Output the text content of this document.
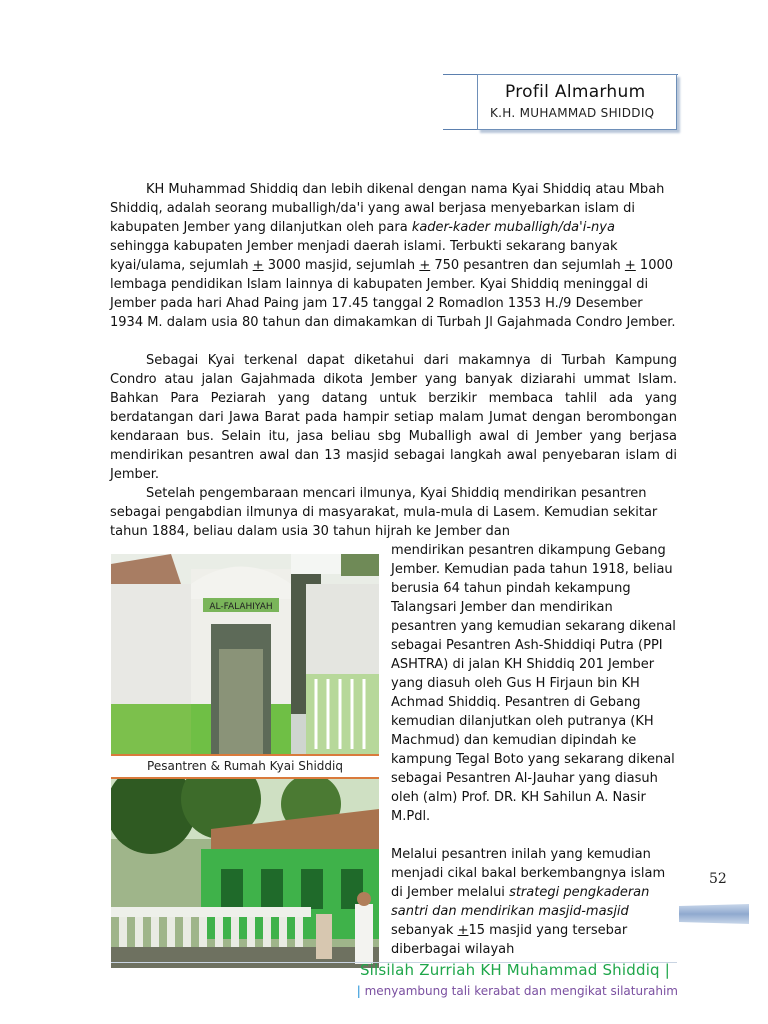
Profil Almarhum
K.H. MUHAMMAD SHIDDIQ

KH Muhammad Shiddiq dan lebih dikenal dengan nama Kyai Shiddiq atau Mbah Shiddiq, adalah seorang muballigh/da'i yang awal berjasa menyebarkan islam di kabupaten Jember yang dilanjutkan oleh para kader-kader muballigh/da'i-nya sehingga kabupaten Jember menjadi daerah islami. Terbukti sekarang banyak kyai/ulama, sejumlah + 3000 masjid, sejumlah + 750 pesantren dan sejumlah + 1000 lembaga pendidikan Islam lainnya di kabupaten Jember. Kyai Shiddiq meninggal di Jember pada hari Ahad Paing jam 17.45 tanggal 2 Romadlon 1353 H./9 Desember 1934 M. dalam usia 80 tahun dan dimakamkan di Turbah Jl Gajahmada Condro Jember.

Sebagai Kyai terkenal dapat diketahui dari makamnya di Turbah Kampung Condro atau jalan Gajahmada dikota Jember yang banyak diziarahi ummat Islam. Bahkan Para Peziarah yang datang untuk berzikir membaca tahlil ada yang berdatangan dari Jawa Barat pada hampir setiap malam Jumat dengan berombongan kendaraan bus. Selain itu, jasa beliau sbg Muballigh awal di Jember yang berjasa mendirikan pesantren awal dan 13 masjid sebagai langkah awal penyebaran islam di Jember.

Setelah pengembaraan mencari ilmunya, Kyai Shiddiq mendirikan pesantren sebagai pengabdian ilmunya di masyarakat, mula-mula di Lasem. Kemudian sekitar tahun 1884, beliau dalam usia 30 tahun hijrah ke Jember dan

AL-FALAHIYAH
Pesantren & Rumah Kyai Shiddiq

mendirikan pesantren dikampung Gebang Jember. Kemudian pada tahun 1918, beliau berusia 64 tahun pindah kekampung Talangsari Jember dan mendirikan pesantren yang kemudian sekarang dikenal sebagai Pesantren Ash-Shiddiqi Putra (PPI ASHTRA) di jalan KH Shiddiq 201 Jember yang diasuh oleh Gus H Firjaun bin KH Achmad Shiddiq. Pesantren di Gebang kemudian dilanjutkan oleh putranya (KH Machmud) dan kemudian dipindah ke kampung Tegal Boto yang sekarang dikenal sebagai Pesantren Al-Jauhar yang diasuh oleh (alm) Prof. DR. KH Sahilun A. Nasir M.Pdl.

Melalui pesantren inilah yang kemudian menjadi cikal bakal berkembangnya islam di Jember melalui strategi pengkaderan santri dan mendirikan masjid-masjid sebanyak +15 masjid yang tersebar diberbagai wilayah

52
Silsilah Zurriah KH Muhammad Shiddiq |
| menyambung tali kerabat dan mengikat silaturahim
